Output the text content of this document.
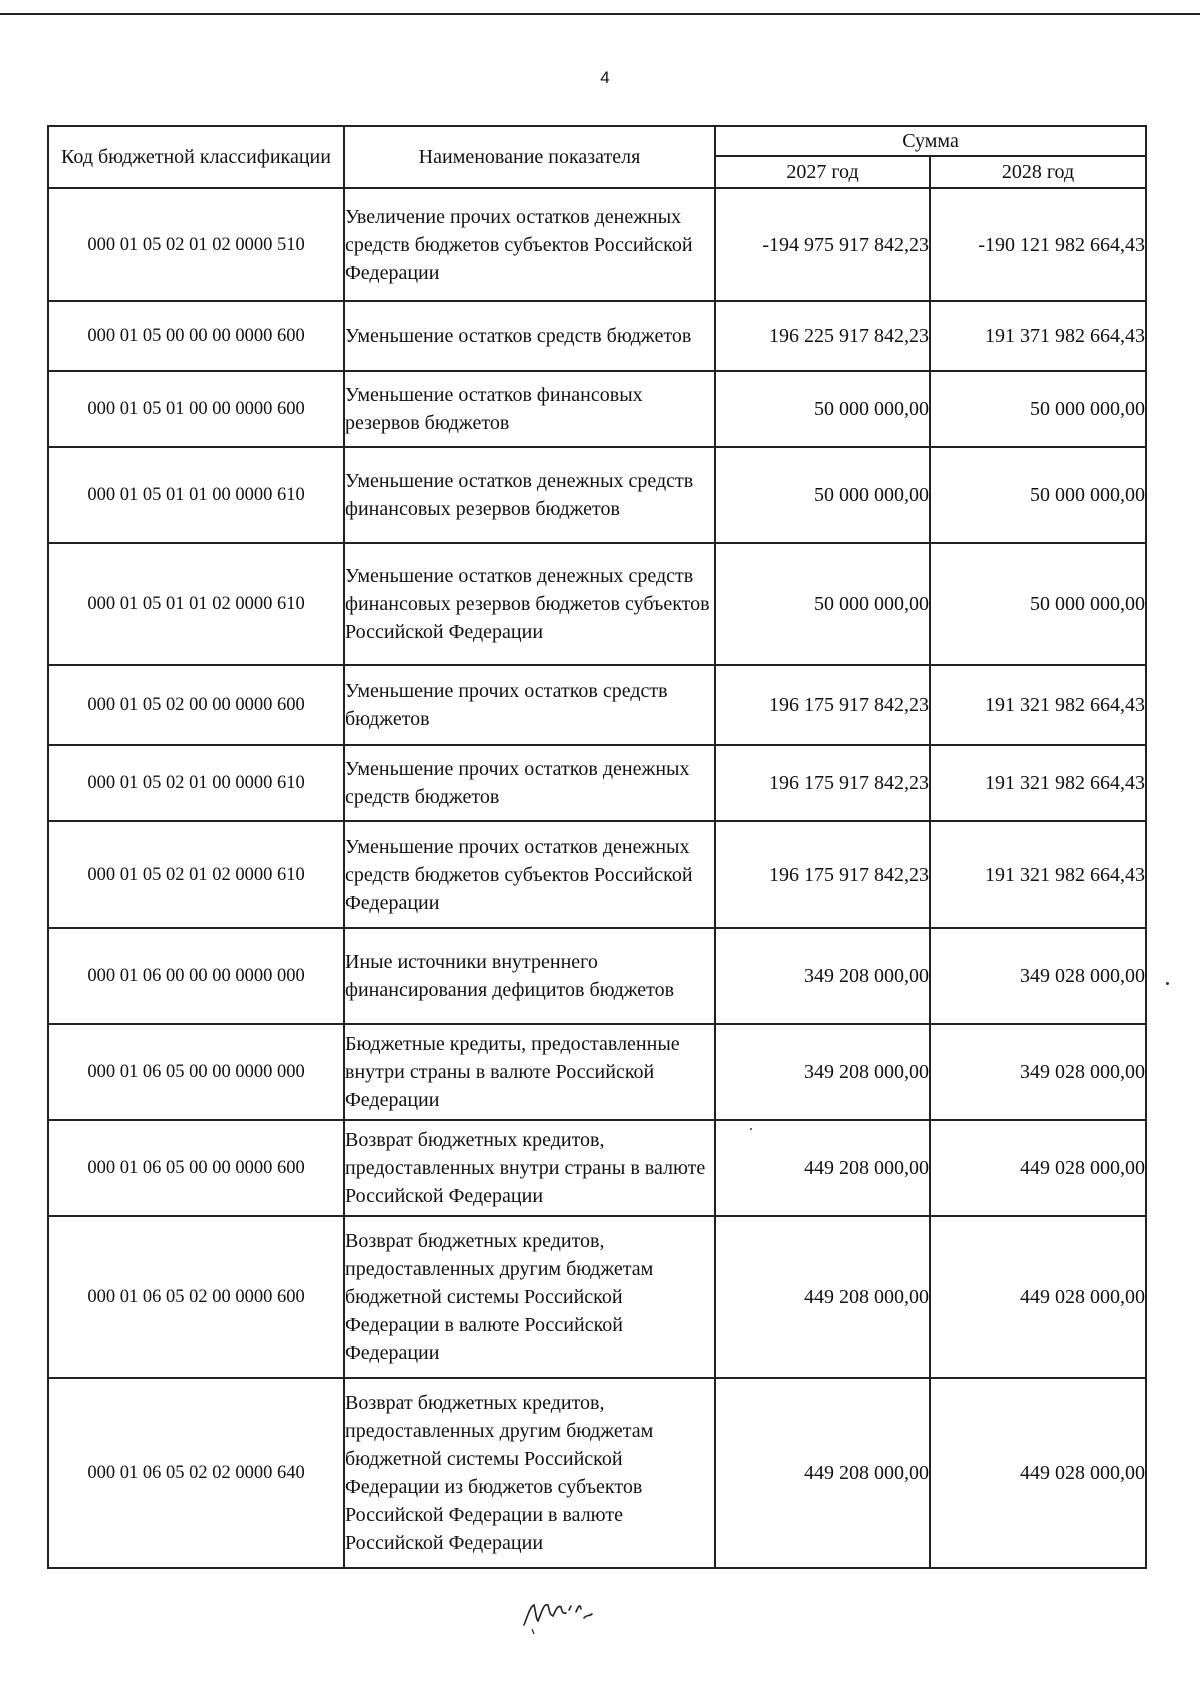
4
Код бюджетной классификации	Наименование показателя	Сумма	
		2027 год	2028 год
000 01 05 02 01 02 0000 510	Увеличение прочих остатков денежных средств бюджетов субъектов Российской Федерации	-194 975 917 842,23	-190 121 982 664,43
000 01 05 00 00 00 0000 600	Уменьшение остатков средств бюджетов	196 225 917 842,23	191 371 982 664,43
000 01 05 01 00 00 0000 600	Уменьшение остатков финансовых резервов бюджетов	50 000 000,00	50 000 000,00
000 01 05 01 01 00 0000 610	Уменьшение остатков денежных средств финансовых резервов бюджетов	50 000 000,00	50 000 000,00
000 01 05 01 01 02 0000 610	Уменьшение остатков денежных средств финансовых резервов бюджетов субъектов Российской Федерации	50 000 000,00	50 000 000,00
000 01 05 02 00 00 0000 600	Уменьшение прочих остатков средств бюджетов	196 175 917 842,23	191 321 982 664,43
000 01 05 02 01 00 0000 610	Уменьшение прочих остатков денежных средств бюджетов	196 175 917 842,23	191 321 982 664,43
000 01 05 02 01 02 0000 610	Уменьшение прочих остатков денежных средств бюджетов субъектов Российской Федерации	196 175 917 842,23	191 321 982 664,43
000 01 06 00 00 00 0000 000	Иные источники внутреннего финансирования дефицитов бюджетов	349 208 000,00	349 028 000,00
000 01 06 05 00 00 0000 000	Бюджетные кредиты, предоставленные внутри страны в валюте Российской Федерации	349 208 000,00	349 028 000,00
000 01 06 05 00 00 0000 600	Возврат бюджетных кредитов, предоставленных внутри страны в валюте Российской Федерации	449 208 000,00	449 028 000,00
000 01 06 05 02 00 0000 600	Возврат бюджетных кредитов, предоставленных другим бюджетам бюджетной системы Российской Федерации в валюте Российской Федерации	449 208 000,00	449 028 000,00
000 01 06 05 02 02 0000 640	Возврат бюджетных кредитов, предоставленных другим бюджетам бюджетной системы Российской Федерации из бюджетов субъектов Российской Федерации в валюте Российской Федерации	449 208 000,00	449 028 000,00
